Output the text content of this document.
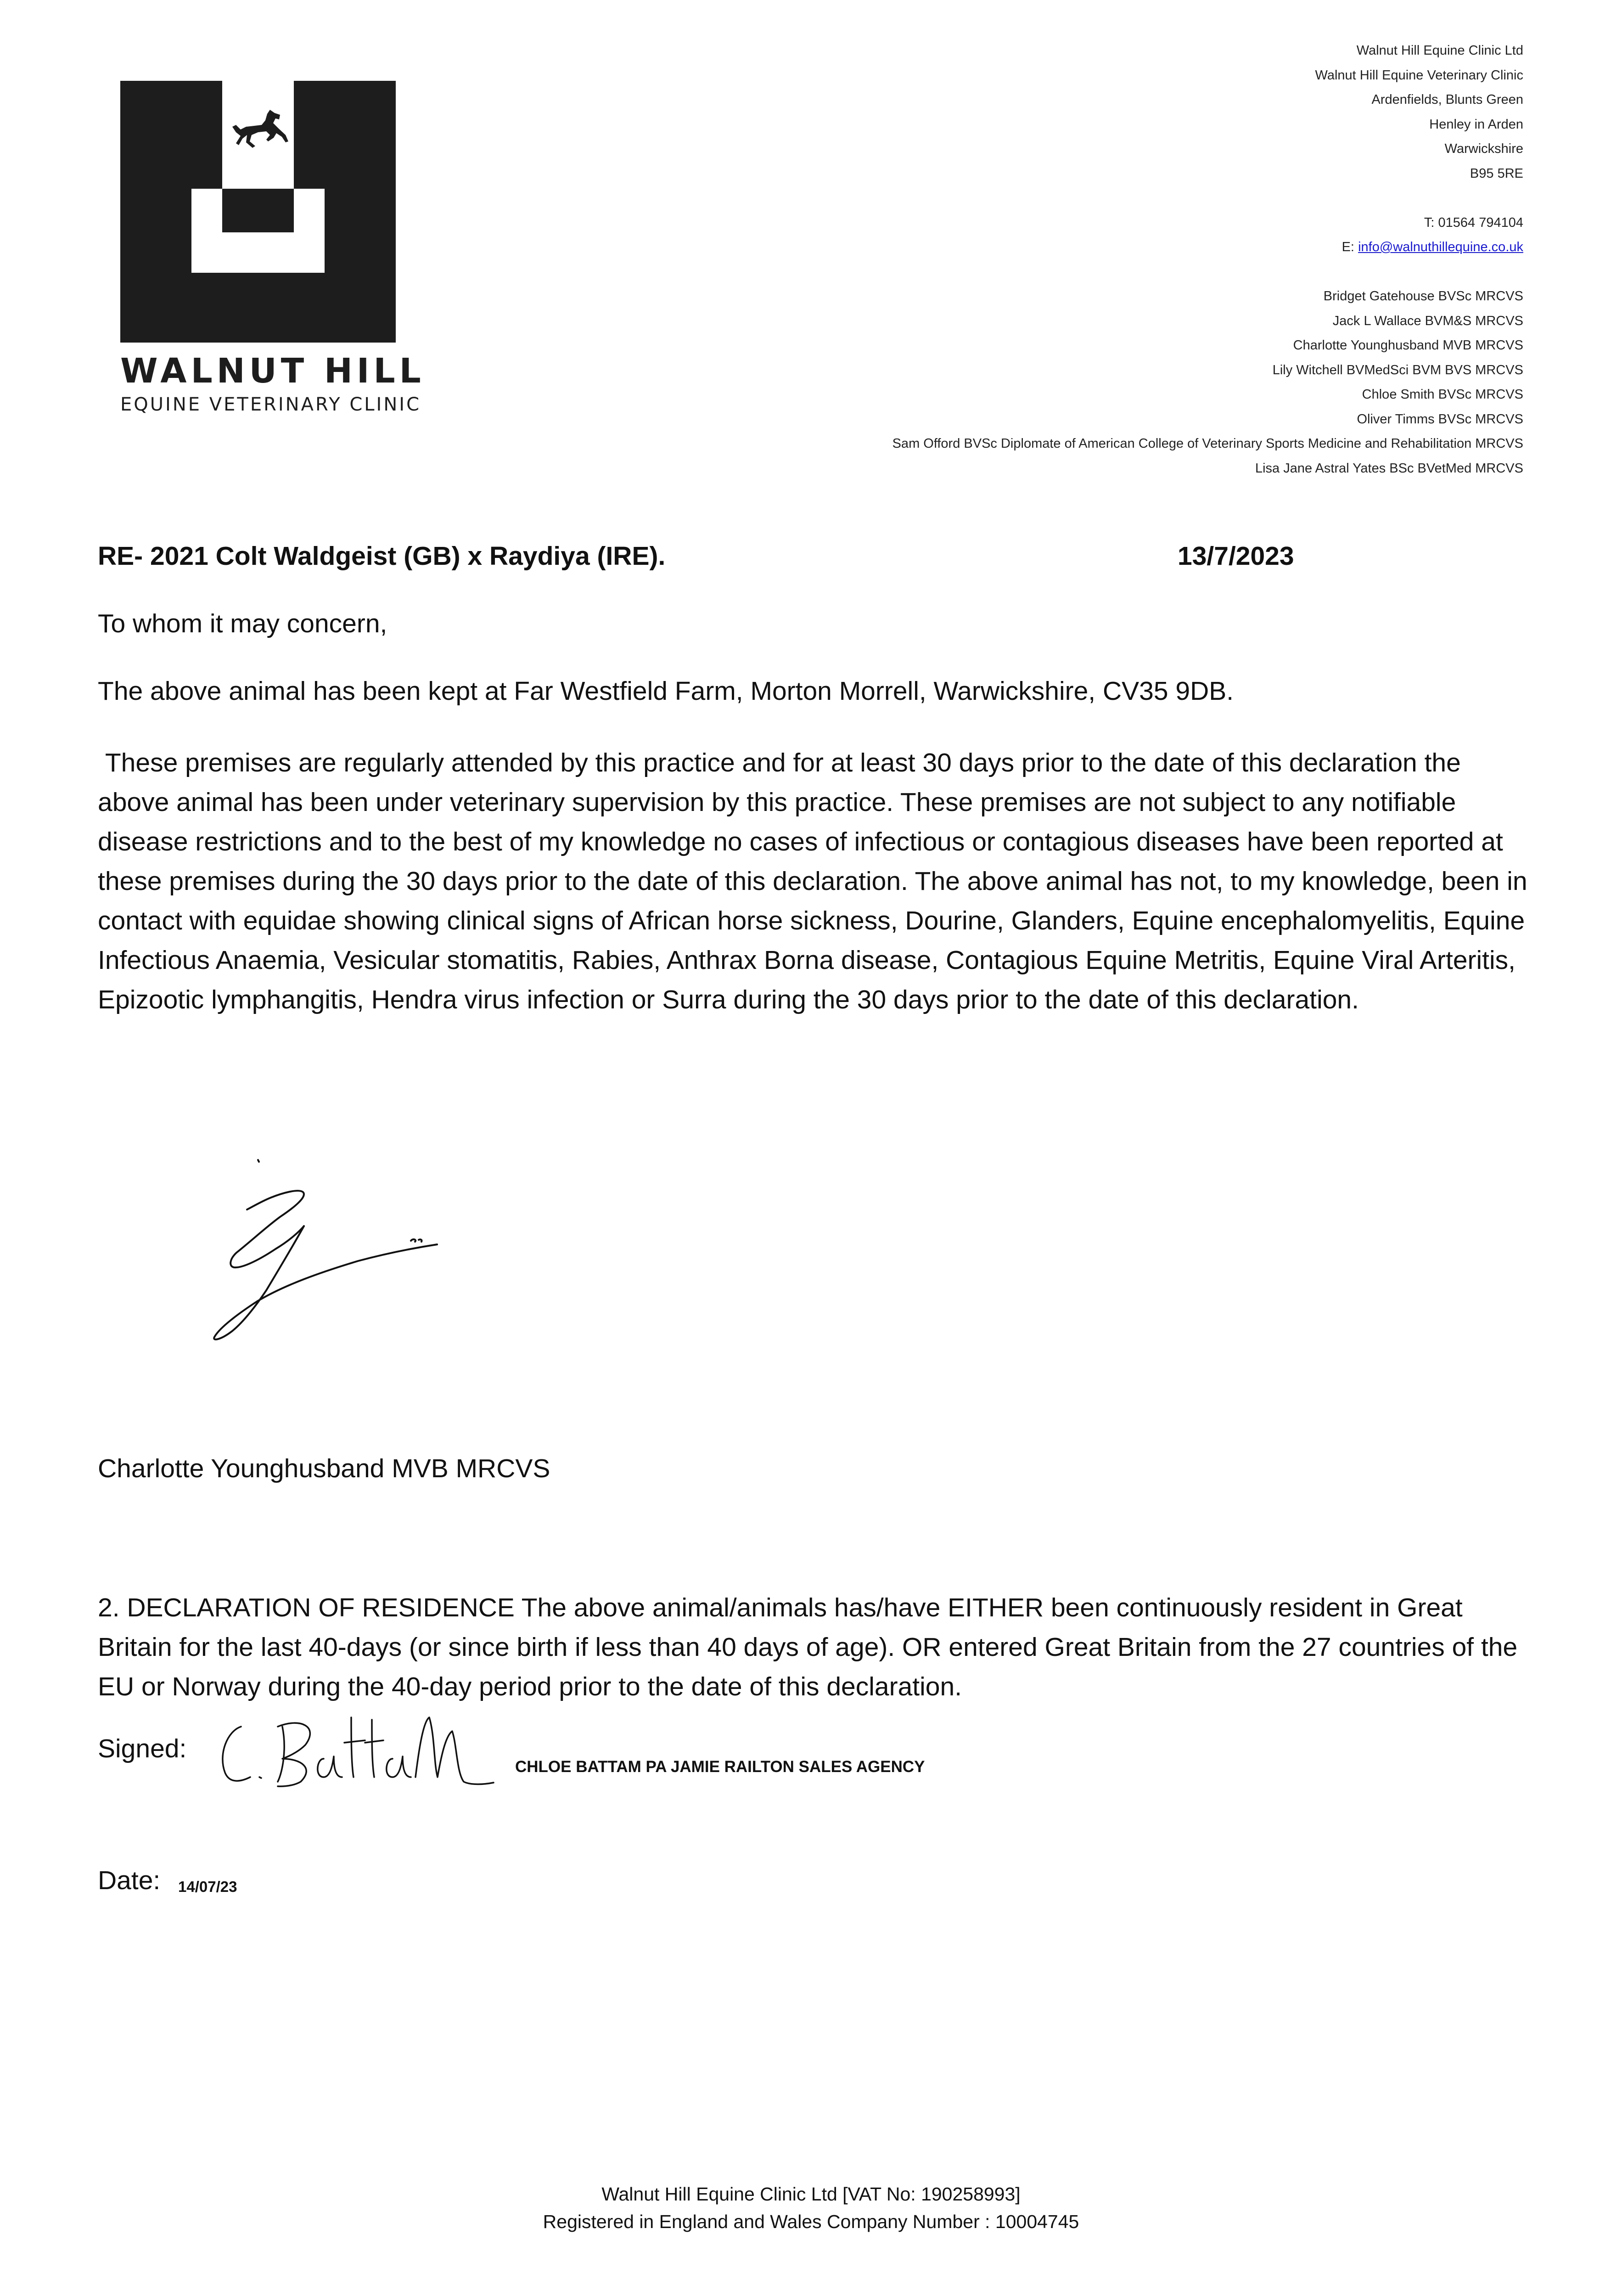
WALNUT HILL
EQUINE VETERINARY CLINIC
Walnut Hill Equine Clinic Ltd
Walnut Hill Equine Veterinary Clinic
Ardenfields, Blunts Green
Henley in Arden
Warwickshire
B95 5RE
T: 01564 794104
E: info@walnuthillequine.co.uk
Bridget Gatehouse BVSc MRCVS
Jack L Wallace BVM&S MRCVS
Charlotte Younghusband MVB MRCVS
Lily Witchell BVMedSci BVM BVS MRCVS
Chloe Smith BVSc MRCVS
Oliver Timms BVSc MRCVS
Sam Offord BVSc Diplomate of American College of Veterinary Sports Medicine and Rehabilitation MRCVS
Lisa Jane Astral Yates BSc BVetMed MRCVS
RE- 2021 Colt Waldgeist (GB) x Raydiya (IRE).	13/7/2023
To whom it may concern,
The above animal has been kept at Far Westfield Farm, Morton Morrell, Warwickshire, CV35 9DB.
These premises are regularly attended by this practice and for at least 30 days prior to the date of this declaration the above animal has been under veterinary supervision by this practice. These premises are not subject to any notifiable disease restrictions and to the best of my knowledge no cases of infectious or contagious diseases have been reported at these premises during the 30 days prior to the date of this declaration. The above animal has not, to my knowledge, been in contact with equidae showing clinical signs of African horse sickness, Dourine, Glanders, Equine encephalomyelitis, Equine Infectious Anaemia, Vesicular stomatitis, Rabies, Anthrax Borna disease, Contagious Equine Metritis, Equine Viral Arteritis, Epizootic lymphangitis, Hendra virus infection or Surra during the 30 days prior to the date of this declaration.
Charlotte Younghusband MVB MRCVS
2. DECLARATION OF RESIDENCE The above animal/animals has/have EITHER been continuously resident in Great Britain for the last 40-days (or since birth if less than 40 days of age). OR entered Great Britain from the 27 countries of the EU or Norway during the 40-day period prior to the date of this declaration.
Signed:
CHLOE BATTAM PA JAMIE RAILTON SALES AGENCY
Date: 14/07/23
Walnut Hill Equine Clinic Ltd [VAT No: 190258993]
Registered in England and Wales Company Number : 10004745
